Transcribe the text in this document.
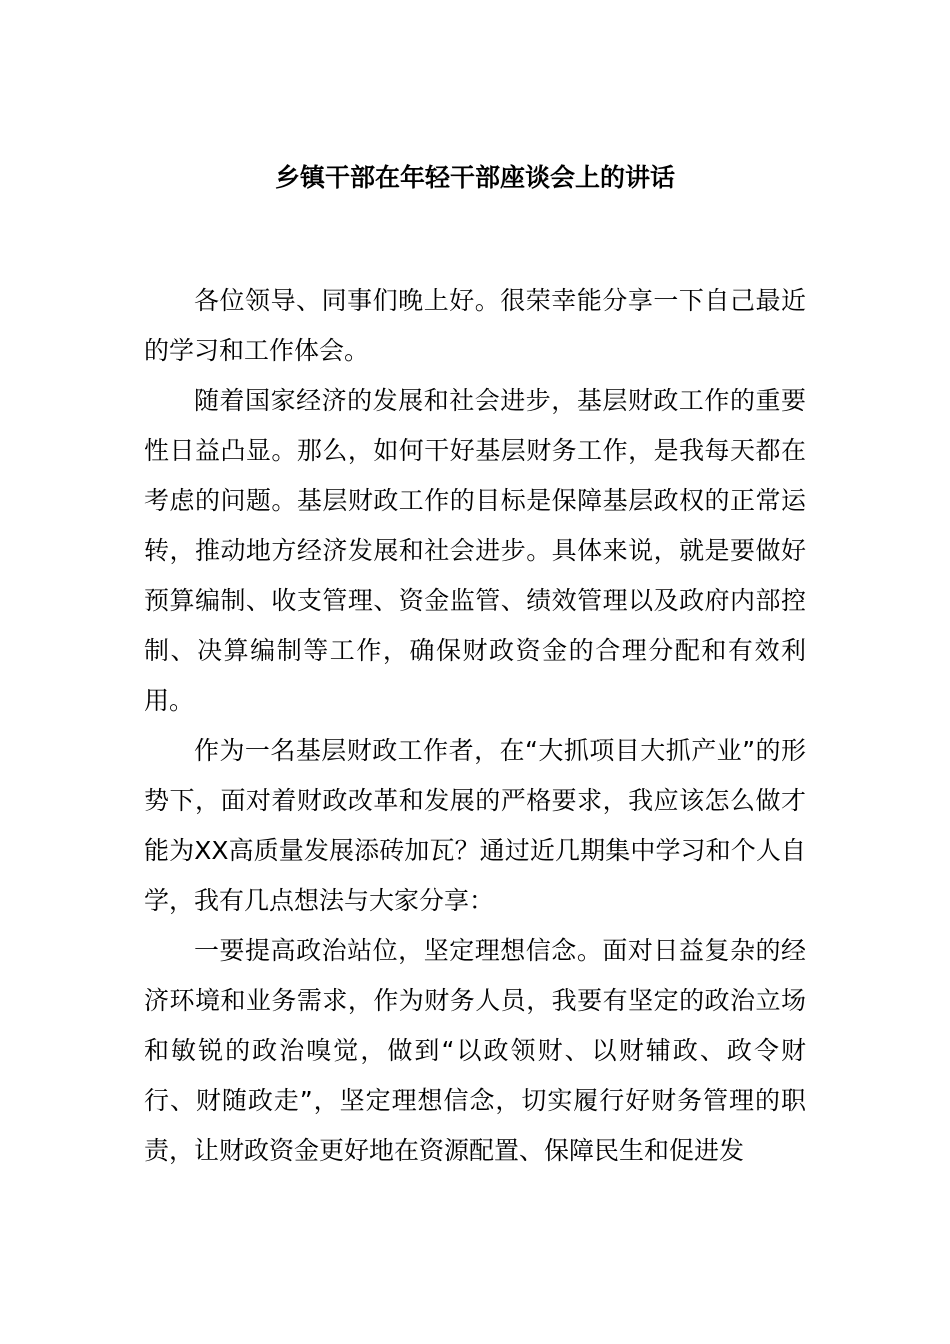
乡镇干部在年轻干部座谈会上的讲话

各位领导、同事们晚上好。很荣幸能分享一下自己最近的学习和工作体会。

随着国家经济的发展和社会进步，基层财政工作的重要性日益凸显。那么，如何干好基层财务工作，是我每天都在考虑的问题。基层财政工作的目标是保障基层政权的正常运转，推动地方经济发展和社会进步。具体来说，就是要做好预算编制、收支管理、资金监管、绩效管理以及政府内部控制、决算编制等工作，确保财政资金的合理分配和有效利用。

作为一名基层财政工作者，在“大抓项目大抓产业”的形势下，面对着财政改革和发展的严格要求，我应该怎么做才能为XX高质量发展添砖加瓦？通过近几期集中学习和个人自学，我有几点想法与大家分享：

一要提高政治站位，坚定理想信念。面对日益复杂的经济环境和业务需求，作为财务人员，我要有坚定的政治立场和敏锐的政治嗅觉，做到“以政领财、以财辅政、政令财行、财随政走”，坚定理想信念，切实履行好财务管理的职责，让财政资金更好地在资源配置、保障民生和促进发
